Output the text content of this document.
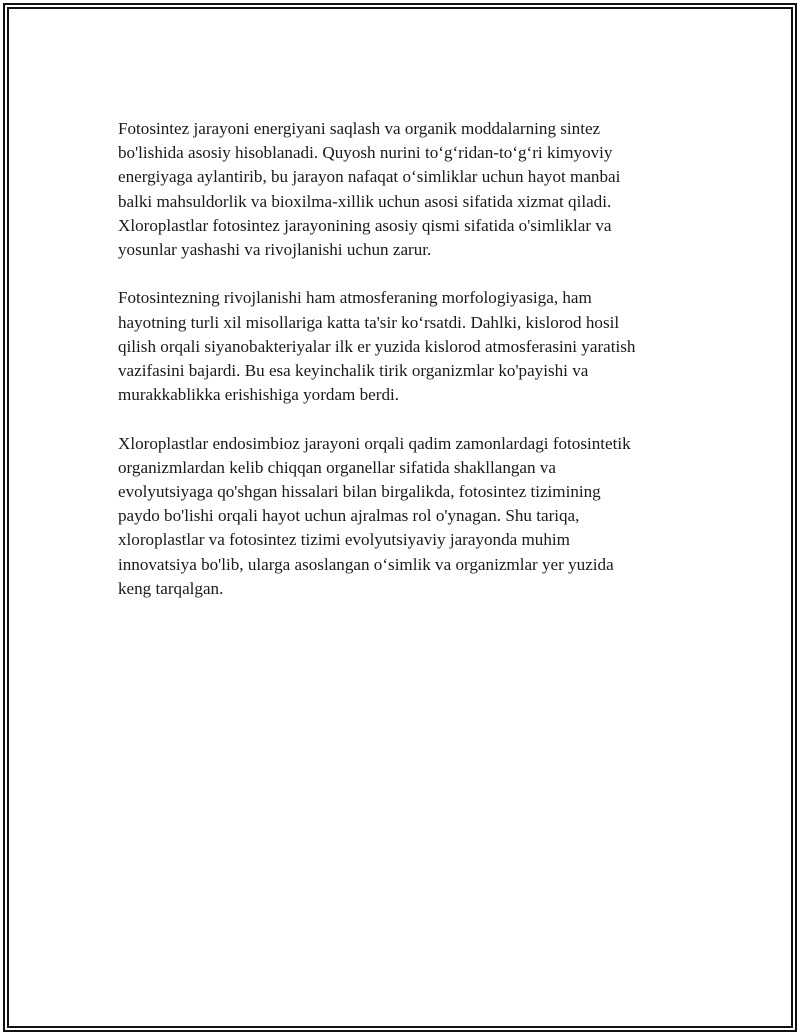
Fotosintez jarayoni energiyani saqlash va organik moddalarning sintez
bo'lishida asosiy hisoblanadi. Quyosh nurini to‘g‘ridan-to‘g‘ri kimyoviy
energiyaga aylantirib, bu jarayon nafaqat o‘simliklar uchun hayot manbai
balki mahsuldorlik va bioxilma-xillik uchun asosi sifatida xizmat qiladi.
Xloroplastlar fotosintez jarayonining asosiy qismi sifatida o'simliklar va
yosunlar yashashi va rivojlanishi uchun zarur.

Fotosintezning rivojlanishi ham atmosferaning morfologiyasiga, ham
hayotning turli xil misollariga katta ta'sir ko‘rsatdi. Dahlki, kislorod hosil
qilish orqali siyanobakteriyalar ilk er yuzida kislorod atmosferasini yaratish
vazifasini bajardi. Bu esa keyinchalik tirik organizmlar ko'payishi va
murakkablikka erishishiga yordam berdi.

Xloroplastlar endosimbioz jarayoni orqali qadim zamonlardagi fotosintetik
organizmlardan kelib chiqqan organellar sifatida shakllangan va
evolyutsiyaga qo'shgan hissalari bilan birgalikda, fotosintez tizimining
paydo bo'lishi orqali hayot uchun ajralmas rol o'ynagan. Shu tariqa,
xloroplastlar va fotosintez tizimi evolyutsiyaviy jarayonda muhim
innovatsiya bo'lib, ularga asoslangan o‘simlik va organizmlar yer yuzida
keng tarqalgan.
